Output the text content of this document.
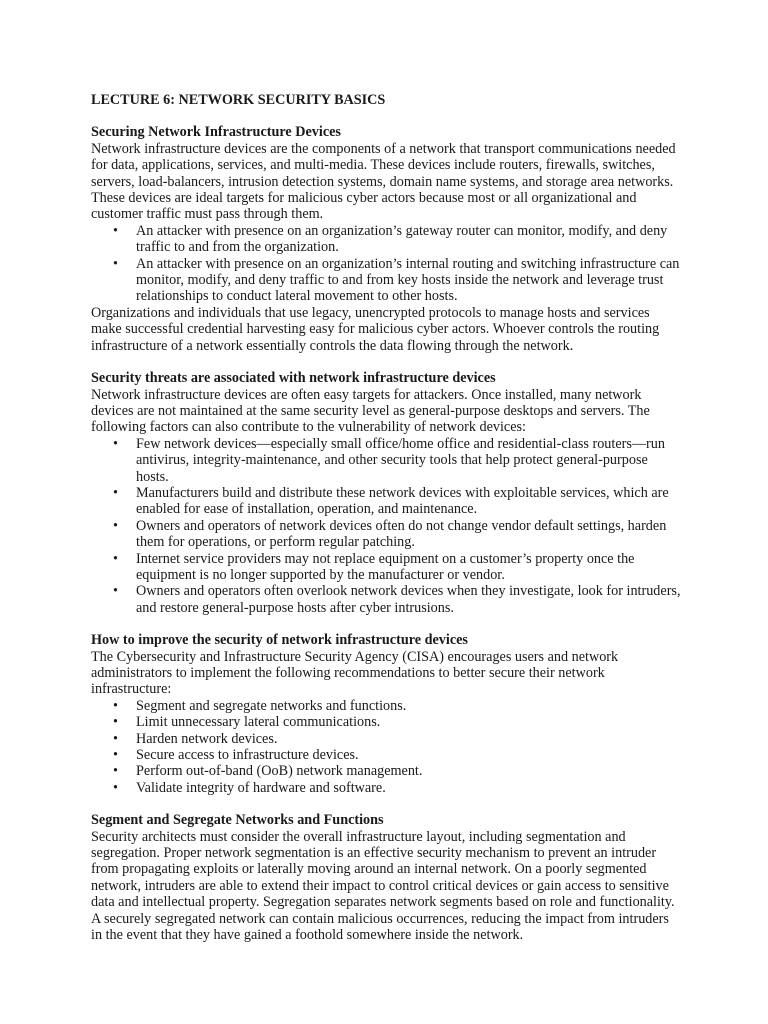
LECTURE 6: NETWORK SECURITY BASICS

Securing Network Infrastructure Devices

Network infrastructure devices are the components of a network that transport communications needed for data, applications, services, and multi-media. These devices include routers, firewalls, switches, servers, load-balancers, intrusion detection systems, domain name systems, and storage area networks. These devices are ideal targets for malicious cyber actors because most or all organizational and customer traffic must pass through them.

• An attacker with presence on an organization’s gateway router can monitor, modify, and deny traffic to and from the organization.
• An attacker with presence on an organization’s internal routing and switching infrastructure can monitor, modify, and deny traffic to and from key hosts inside the network and leverage trust relationships to conduct lateral movement to other hosts.

Organizations and individuals that use legacy, unencrypted protocols to manage hosts and services make successful credential harvesting easy for malicious cyber actors. Whoever controls the routing infrastructure of a network essentially controls the data flowing through the network.

Security threats are associated with network infrastructure devices

Network infrastructure devices are often easy targets for attackers. Once installed, many network devices are not maintained at the same security level as general-purpose desktops and servers. The following factors can also contribute to the vulnerability of network devices:

• Few network devices—especially small office/home office and residential-class routers—run antivirus, integrity-maintenance, and other security tools that help protect general-purpose hosts.
• Manufacturers build and distribute these network devices with exploitable services, which are enabled for ease of installation, operation, and maintenance.
• Owners and operators of network devices often do not change vendor default settings, harden them for operations, or perform regular patching.
• Internet service providers may not replace equipment on a customer’s property once the equipment is no longer supported by the manufacturer or vendor.
• Owners and operators often overlook network devices when they investigate, look for intruders, and restore general-purpose hosts after cyber intrusions.

How to improve the security of network infrastructure devices

The Cybersecurity and Infrastructure Security Agency (CISA) encourages users and network administrators to implement the following recommendations to better secure their network infrastructure:

• Segment and segregate networks and functions.
• Limit unnecessary lateral communications.
• Harden network devices.
• Secure access to infrastructure devices.
• Perform out-of-band (OoB) network management.
• Validate integrity of hardware and software.

Segment and Segregate Networks and Functions

Security architects must consider the overall infrastructure layout, including segmentation and segregation. Proper network segmentation is an effective security mechanism to prevent an intruder from propagating exploits or laterally moving around an internal network. On a poorly segmented network, intruders are able to extend their impact to control critical devices or gain access to sensitive data and intellectual property. Segregation separates network segments based on role and functionality. A securely segregated network can contain malicious occurrences, reducing the impact from intruders in the event that they have gained a foothold somewhere inside the network.
